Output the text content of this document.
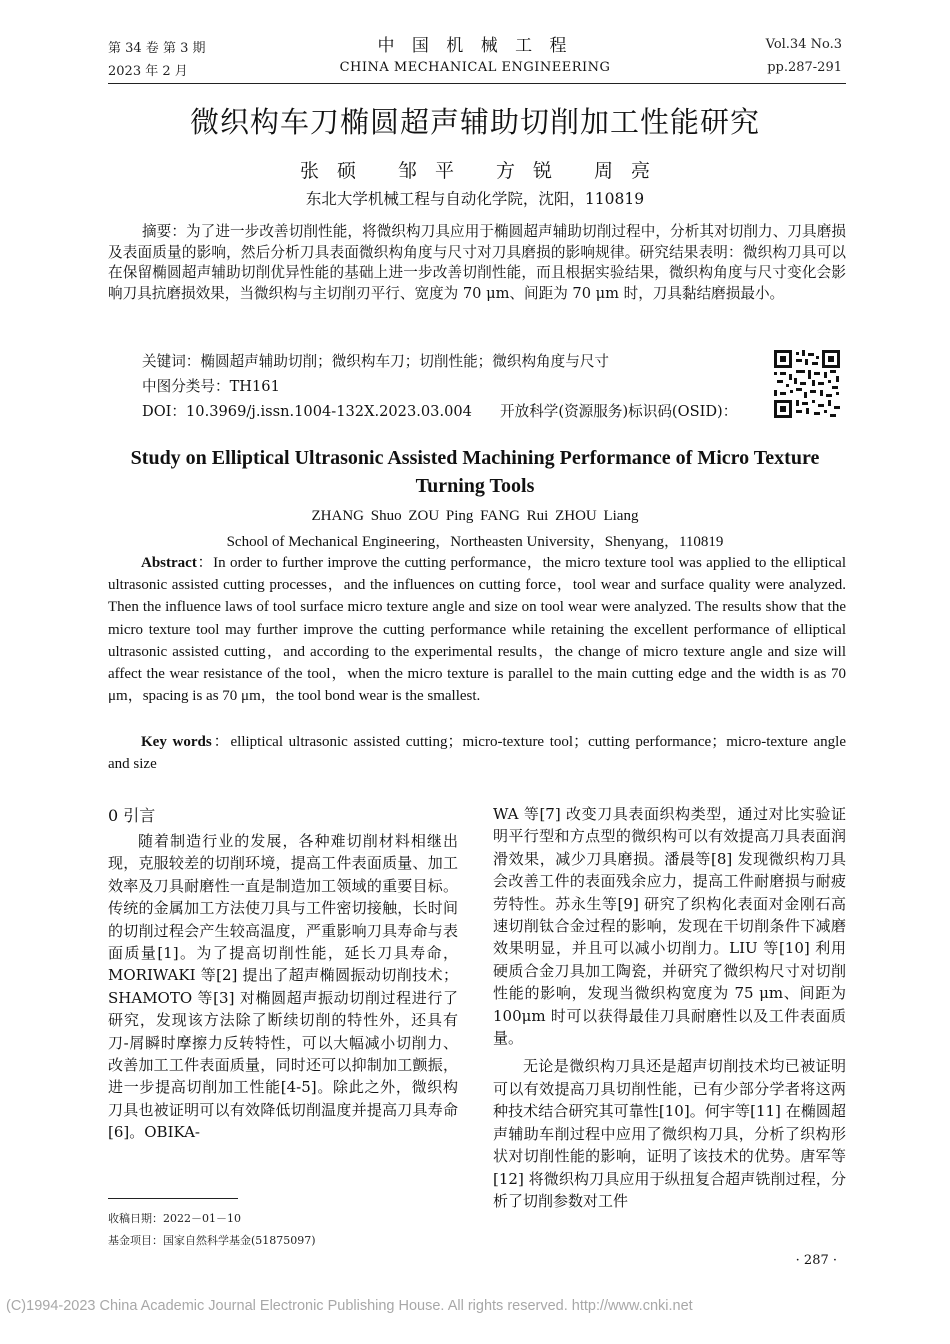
第 34 卷 第 3 期
2023 年 2 月
中 国 机 械 工 程
CHINA MECHANICAL ENGINEERING
Vol.34 No.3
pp.287-291
微织构车刀椭圆超声辅助切削加工性能研究
张硕 邹平 方锐 周亮
东北大学机械工程与自动化学院，沈阳，110819
摘要：为了进一步改善切削性能，将微织构刀具应用于椭圆超声辅助切削过程中，分析其对切削力、刀具磨损及表面质量的影响，然后分析刀具表面微织构角度与尺寸对刀具磨损的影响规律。研究结果表明：微织构刀具可以在保留椭圆超声辅助切削优异性能的基础上进一步改善切削性能，而且根据实验结果，微织构角度与尺寸变化会影响刀具抗磨损效果，当微织构与主切削刃平行、宽度为 70 μm、间距为 70 μm 时，刀具黏结磨损最小。
关键词：椭圆超声辅助切削；微织构车刀；切削性能；微织构角度与尺寸
中图分类号：TH161
DOI：10.3969/j.issn.1004-132X.2023.03.004 开放科学(资源服务)标识码(OSID)：
Study on Elliptical Ultrasonic Assisted Machining Performance of Micro Texture Turning Tools
ZHANG Shuo ZOU Ping FANG Rui ZHOU Liang
School of Mechanical Engineering，Northeasten University，Shenyang，110819
Abstract：In order to further improve the cutting performance，the micro texture tool was applied to the elliptical ultrasonic assisted cutting processes，and the influences on cutting force，tool wear and surface quality were analyzed. Then the influence laws of tool surface micro texture angle and size on tool wear were analyzed. The results show that the micro texture tool may further improve the cutting performance while retaining the excellent performance of elliptical ultrasonic assisted cutting，and according to the experimental results，the change of micro texture angle and size will affect the wear resistance of the tool，when the micro texture is parallel to the main cutting edge and the width is as 70 μm，spacing is as 70 μm，the tool bond wear is the smallest.
Key words：elliptical ultrasonic assisted cutting；micro-texture tool；cutting performance；micro-texture angle and size
0 引言

随着制造行业的发展，各种难切削材料相继出现，克服较差的切削环境，提高工件表面质量、加工效率及刀具耐磨性一直是制造加工领域的重要目标。传统的金属加工方法使刀具与工件密切接触，长时间的切削过程会产生较高温度，严重影响刀具寿命与表面质量[1]。为了提高切削性能，延长刀具寿命，MORIWAKI 等[2] 提出了超声椭圆振动切削技术；SHAMOTO 等[3] 对椭圆超声振动切削过程进行了研究，发现该方法除了断续切削的特性外，还具有刀-屑瞬时摩擦力反转特性，可以大幅减小切削力、改善加工工件表面质量，同时还可以抑制加工颤振，进一步提高切削加工性能[4-5]。除此之外，微织构刀具也被证明可以有效降低切削温度并提高刀具寿命[6]。OBIKA-

收稿日期：2022－01－10
基金项目：国家自然科学基金(51875097)

WA 等[7] 改变刀具表面织构类型，通过对比实验证明平行型和方点型的微织构可以有效提高刀具表面润滑效果，减少刀具磨损。潘晨等[8] 发现微织构刀具会改善工件的表面残余应力，提高工件耐磨损与耐疲劳特性。苏永生等[9] 研究了织构化表面对金刚石高速切削钛合金过程的影响，发现在干切削条件下减磨效果明显，并且可以减小切削力。LIU 等[10] 利用硬质合金刀具加工陶瓷，并研究了微织构尺寸对切削性能的影响，发现当微织构宽度为 75 μm、间距为 100μm 时可以获得最佳刀具耐磨性以及工件表面质量。

无论是微织构刀具还是超声切削技术均已被证明可以有效提高刀具切削性能，已有少部分学者将这两种技术结合研究其可靠性[10]。何宇等[11] 在椭圆超声辅助车削过程中应用了微织构刀具，分析了织构形状对切削性能的影响，证明了该技术的优势。唐军等[12] 将微织构刀具应用于纵扭复合超声铣削过程，分析了切削参数对工件

· 287 ·
(C)1994-2023 China Academic Journal Electronic Publishing House. All rights reserved. http://www.cnki.net
